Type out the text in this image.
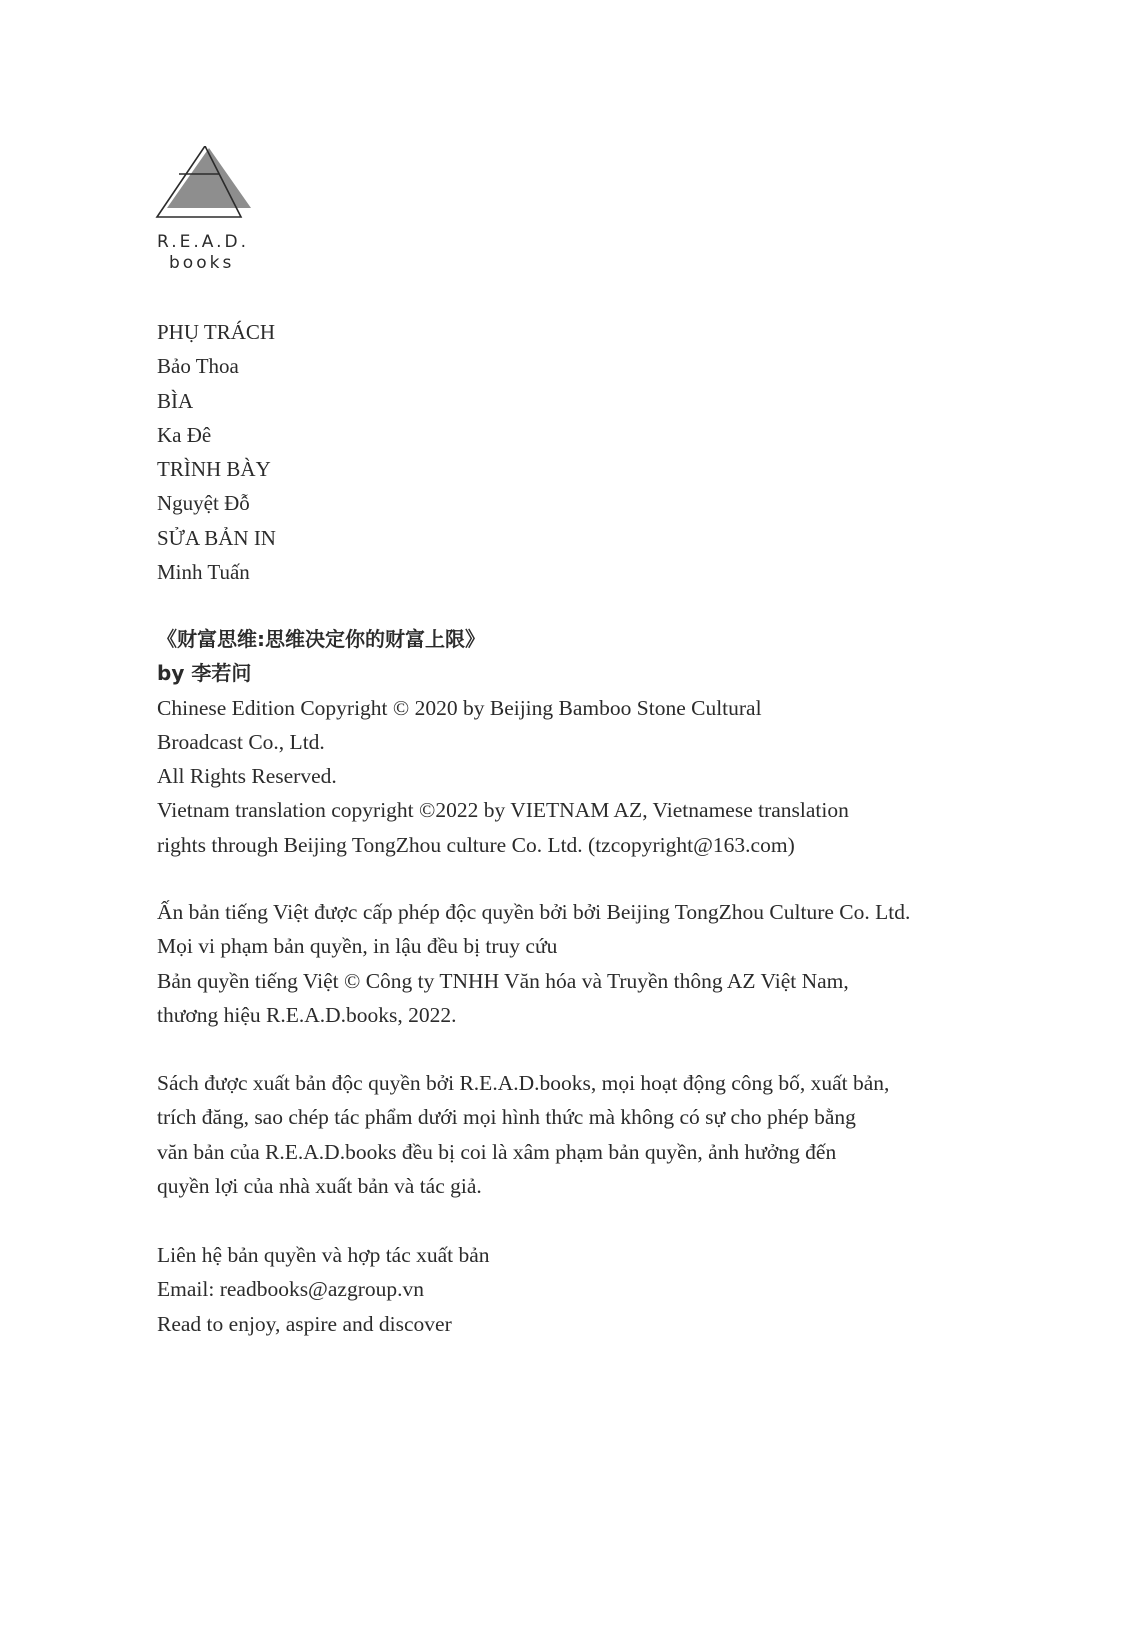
R.E.A.D.
books
PHỤ TRÁCH
Bảo Thoa
BÌA
Ka Đê
TRÌNH BÀY
Nguyệt Đỗ
SỬA BẢN IN
Minh Tuấn
《财富思维:思维决定你的财富上限》
by 李若问
Chinese Edition Copyright © 2020 by Beijing Bamboo Stone Cultural
Broadcast Co., Ltd.
All Rights Reserved.
Vietnam translation copyright ©2022 by VIETNAM AZ, Vietnamese translation
rights through Beijing TongZhou culture Co. Ltd. (tzcopyright@163.com)
Ấn bản tiếng Việt được cấp phép độc quyền bởi bởi Beijing TongZhou Culture Co. Ltd.
Mọi vi phạm bản quyền, in lậu đều bị truy cứu
Bản quyền tiếng Việt © Công ty TNHH Văn hóa và Truyền thông AZ Việt Nam,
thương hiệu R.E.A.D.books, 2022.
Sách được xuất bản độc quyền bởi R.E.A.D.books, mọi hoạt động công bố, xuất bản,
trích đăng, sao chép tác phẩm dưới mọi hình thức mà không có sự cho phép bằng
văn bản của R.E.A.D.books đều bị coi là xâm phạm bản quyền, ảnh hưởng đến
quyền lợi của nhà xuất bản và tác giả.
Liên hệ bản quyền và hợp tác xuất bản
Email: readbooks@azgroup.vn
Read to enjoy, aspire and discover
